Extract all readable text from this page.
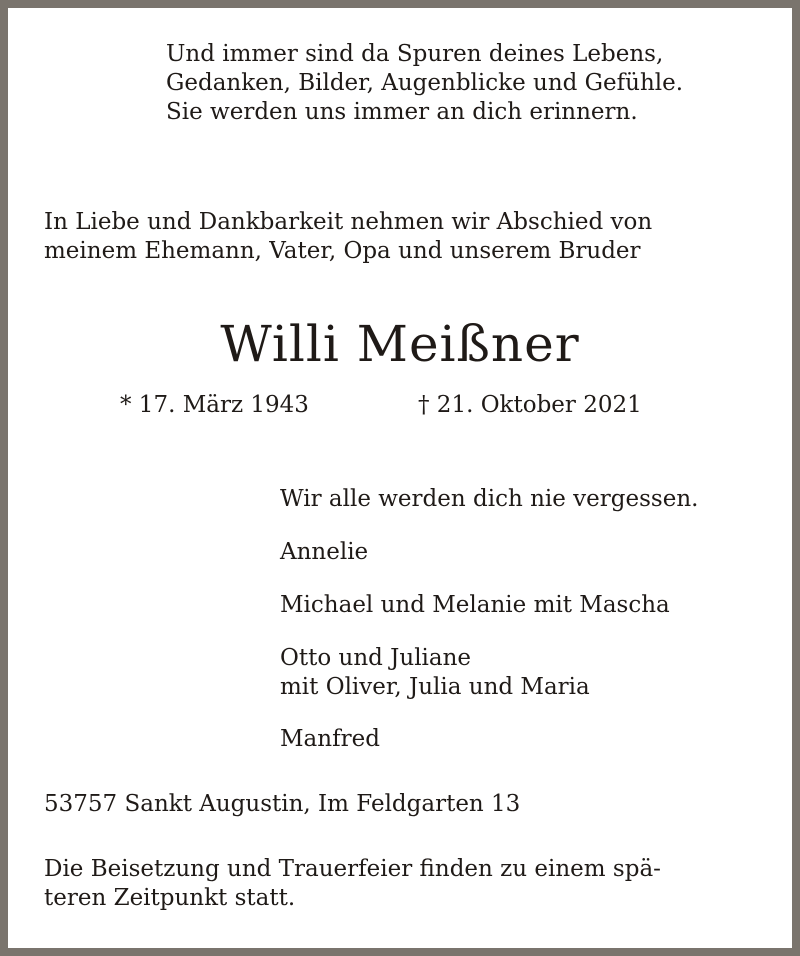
Und immer sind da Spuren deines Lebens,
Gedanken, Bilder, Augenblicke und Gefühle.
Sie werden uns immer an dich erinnern.
In Liebe und Dankbarkeit nehmen wir Abschied von
meinem Ehemann, Vater, Opa und unserem Bruder
Willi Meißner
* 17. März 1943	† 21. Oktober 2021
Wir alle werden dich nie vergessen.
Annelie
Michael und Melanie mit Mascha
Otto und Juliane
mit Oliver, Julia und Maria
Manfred
53757 Sankt Augustin, Im Feldgarten 13
Die Beisetzung und Trauerfeier finden zu einem spä-
teren Zeitpunkt statt.
